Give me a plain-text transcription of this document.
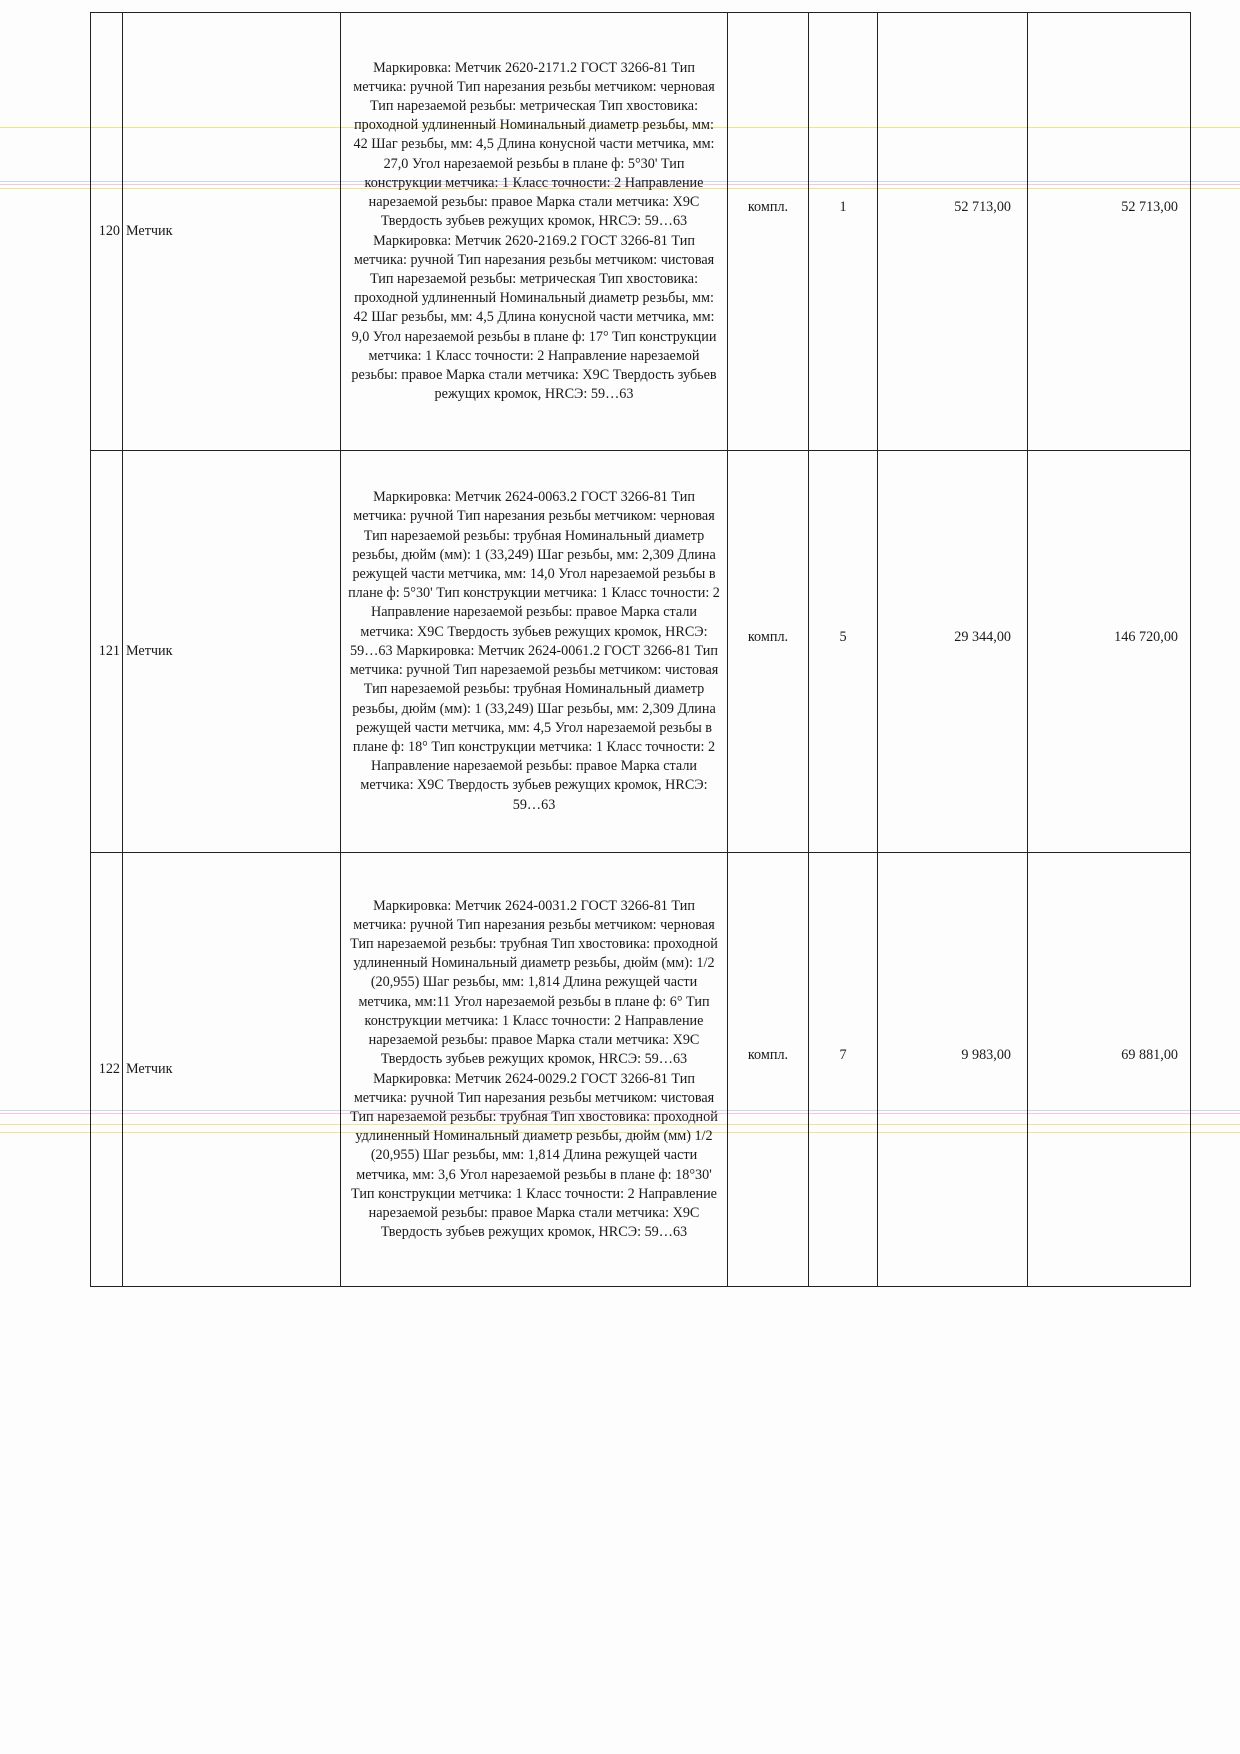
120	Метчик	Маркировка: Метчик 2620-2171.2 ГОСТ 3266-81 Тип метчика: ручной Тип нарезания резьбы метчиком: черновая Тип нарезаемой резьбы: метрическая Тип хвостовика: проходной удлиненный Номинальный диаметр резьбы, мм: 42 Шаг резьбы, мм: 4,5 Длина конусной части метчика, мм: 27,0 Угол нарезаемой резьбы в плане ф: 5°30' Тип конструкции метчика: 1 Класс точности: 2 Направление нарезаемой резьбы: правое Марка стали метчика: Х9С Твердость зубьев режущих кромок, HRCЭ: 59…63 Маркировка: Метчик 2620-2169.2 ГОСТ 3266-81 Тип метчика: ручной Тип нарезания резьбы метчиком: чистовая Тип нарезаемой резьбы: метрическая Тип хвостовика: проходной удлиненный Номинальный диаметр резьбы, мм: 42 Шаг резьбы, мм: 4,5 Длина конусной части метчика, мм: 9,0 Угол нарезаемой резьбы в плане ф: 17° Тип конструкции метчика: 1 Класс точности: 2 Направление нарезаемой резьбы: правое Марка стали метчика: Х9С Твердость зубьев режущих кромок, HRCЭ: 59…63	компл.	1	52 713,00	52 713,00
121	Метчик	Маркировка: Метчик 2624-0063.2 ГОСТ 3266-81 Тип метчика: ручной Тип нарезания резьбы метчиком: черновая Тип нарезаемой резьбы: трубная Номинальный диаметр резьбы, дюйм (мм): 1 (33,249) Шаг резьбы, мм: 2,309 Длина режущей части метчика, мм: 14,0 Угол нарезаемой резьбы в плане ф: 5°30' Тип конструкции метчика: 1 Класс точности: 2 Направление нарезаемой резьбы: правое Марка стали метчика: Х9С Твердость зубьев режущих кромок, HRCЭ: 59…63 Маркировка: Метчик 2624-0061.2 ГОСТ 3266-81 Тип метчика: ручной Тип нарезаемой резьбы метчиком: чистовая Тип нарезаемой резьбы: трубная Номинальный диаметр резьбы, дюйм (мм): 1 (33,249) Шаг резьбы, мм: 2,309 Длина режущей части метчика, мм: 4,5 Угол нарезаемой резьбы в плане ф: 18° Тип конструкции метчика: 1 Класс точности: 2 Направление нарезаемой резьбы: правое Марка стали метчика: Х9С Твердость зубьев режущих кромок, HRCЭ: 59…63	компл.	5	29 344,00	146 720,00
122	Метчик	Маркировка: Метчик 2624-0031.2 ГОСТ 3266-81 Тип метчика: ручной Тип нарезания резьбы метчиком: черновая Тип нарезаемой резьбы: трубная Тип хвостовика: проходной удлиненный Номинальный диаметр резьбы, дюйм (мм): 1/2 (20,955) Шаг резьбы, мм: 1,814 Длина режущей части метчика, мм:11 Угол нарезаемой резьбы в плане ф: 6° Тип конструкции метчика: 1 Класс точности: 2 Направление нарезаемой резьбы: правое Марка стали метчика: Х9С Твердость зубьев режущих кромок, HRCЭ: 59…63 Маркировка: Метчик 2624-0029.2 ГОСТ 3266-81 Тип метчика: ручной Тип нарезания резьбы метчиком: чистовая Тип нарезаемой резьбы: трубная Тип хвостовика: проходной удлиненный Номинальный диаметр резьбы, дюйм (мм) 1/2 (20,955) Шаг резьбы, мм: 1,814 Длина режущей части метчика, мм: 3,6 Угол нарезаемой резьбы в плане ф: 18°30' Тип конструкции метчика: 1 Класс точности: 2 Направление нарезаемой резьбы: правое Марка стали метчика: Х9С Твердость зубьев режущих кромок, HRCЭ: 59…63	компл.	7	9 983,00	69 881,00
